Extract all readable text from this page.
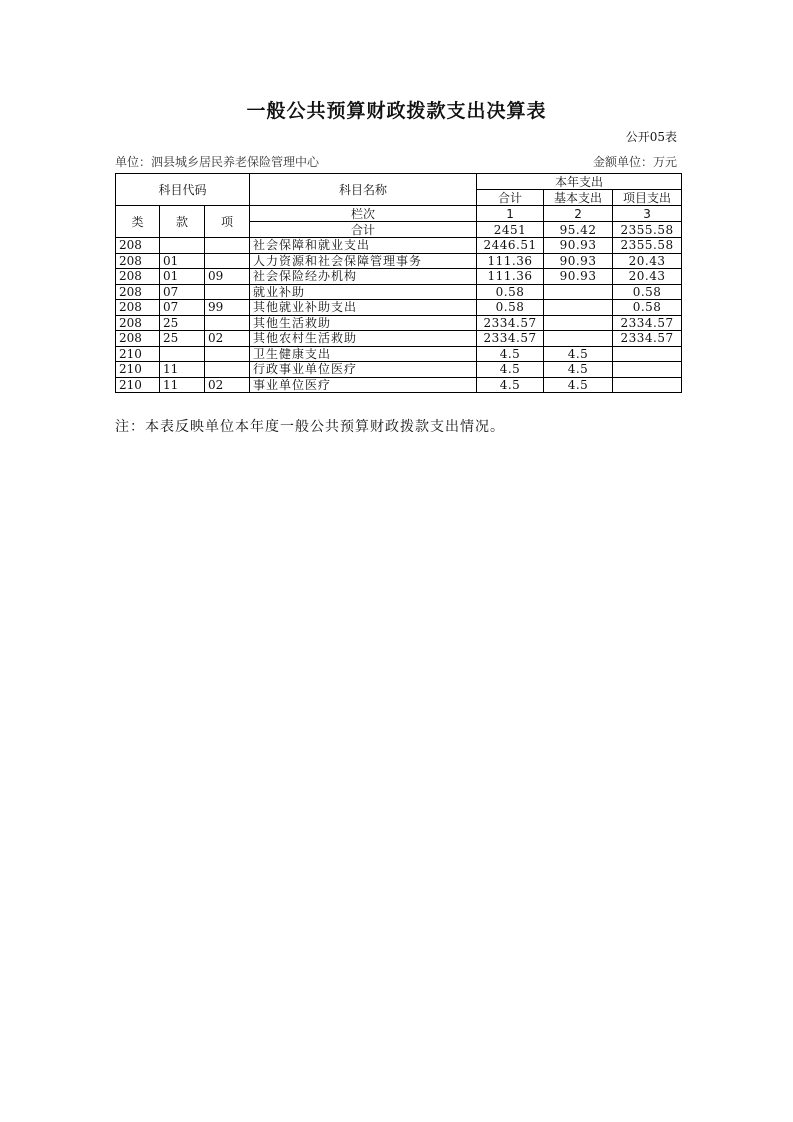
一般公共预算财政拨款支出决算表
公开05表
单位：泗县城乡居民养老保险管理中心	金额单位：万元
科目代码			科目名称	本年支出		
				合计	基本支出	项目支出
类	款	项	栏次	1	2	3
			合计	2451	95.42	2355.58
208			社会保障和就业支出	2446.51	90.93	2355.58
208	01		人力资源和社会保障管理事务	111.36	90.93	20.43
208	01	09	社会保险经办机构	111.36	90.93	20.43
208	07		就业补助	0.58		0.58
208	07	99	其他就业补助支出	0.58		0.58
208	25		其他生活救助	2334.57		2334.57
208	25	02	其他农村生活救助	2334.57		2334.57
210			卫生健康支出	4.5	4.5	
210	11		行政事业单位医疗	4.5	4.5	
210	11	02	事业单位医疗	4.5	4.5	
注：本表反映单位本年度一般公共预算财政拨款支出情况。
